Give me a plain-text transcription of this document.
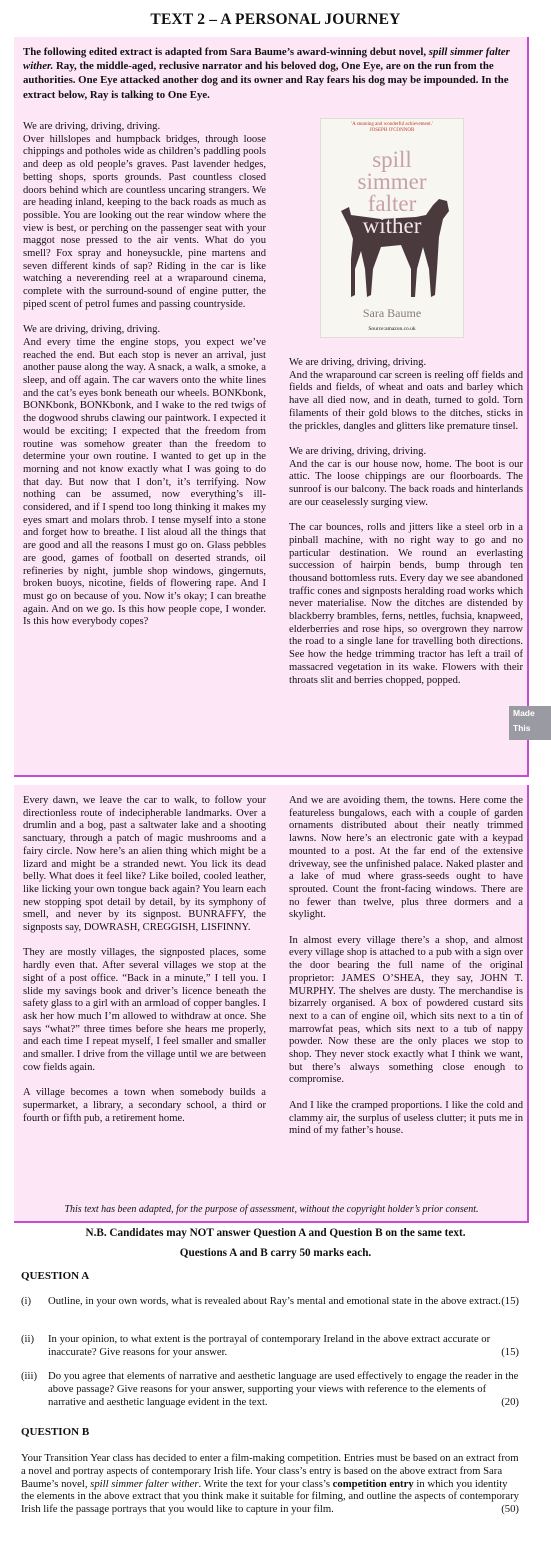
TEXT 2 – A PERSONAL JOURNEY

The following edited extract is adapted from Sara Baume’s award-winning debut novel, spill simmer falter wither. Ray, the middle-aged, reclusive narrator and his beloved dog, One Eye, are on the run from the authorities. One Eye attacked another dog and its owner and Ray fears his dog may be impounded. In the extract below, Ray is talking to One Eye.

We are driving, driving, driving.
Over hillslopes and humpback bridges, through loose chippings and potholes wide as children’s paddling pools and deep as old people’s graves. Past lavender hedges, betting shops, sports grounds. Past countless closed doors behind which are countless uncaring strangers. We are heading inland, keeping to the back roads as much as possible. You are looking out the rear window where the view is best, or perching on the passenger seat with your maggot nose pressed to the air vents. What do you smell? Fox spray and honeysuckle, pine martens and seven different kinds of sap? Riding in the car is like watching a neverending reel at a wraparound cinema, complete with the surround-sound of engine putter, the piped scent of petrol fumes and passing countryside.

We are driving, driving, driving.
And every time the engine stops, you expect we’ve reached the end. But each stop is never an arrival, just another pause along the way. A snack, a walk, a smoke, a sleep, and off again. The car wavers onto the white lines and the cat’s eyes bonk beneath our wheels. BONKbonk, BONKbonk, BONKbonk, and I wake to the red twigs of the dogwood shrubs clawing our paintwork. I expected it would be exciting; I expected that the freedom from routine was somehow greater than the freedom to determine your own routine. I wanted to get up in the morning and not know exactly what I was going to do that day. But now that I don’t, it’s terrifying. Now nothing can be assumed, now everything’s ill-considered, and if I spend too long thinking it makes my eyes smart and molars throb. I tense myself into a stone and forget how to breathe. I list aloud all the things that are good and all the reasons I must go on. Glass pebbles are good, games of football on deserted strands, oil refineries by night, jumble shop windows, gingernuts, broken buoys, nicotine, fields of flowering rape. And I must go on because of you. Now it’s okay; I can breathe again. And on we go. Is this how people cope, I wonder. Is this how everybody copes?

'A stunning and wonderful achievement.'
JOSEPH O'CONNOR
spill
simmer
falter
wither
Sara Baume
Source:amazon.co.uk

We are driving, driving, driving.
And the wraparound car screen is reeling off fields and fields and fields, of wheat and oats and barley which have all died now, and in death, turned to gold. Torn filaments of their gold blows to the ditches, sticks in the prickles, dangles and glitters like premature tinsel.

We are driving, driving, driving.
And the car is our house now, home. The boot is our attic. The loose chippings are our floorboards. The sunroof is our balcony. The back roads and hinterlands are our ceaselessly surging view.

The car bounces, rolls and jitters like a steel orb in a pinball machine, with no right way to go and no particular destination. We round an everlasting succession of hairpin bends, bump through ten thousand bottomless ruts. Every day we see abandoned traffic cones and signposts heralding road works which never materialise. Now the ditches are distended by blackberry brambles, ferns, nettles, fuchsia, knapweed, elderberries and rose hips, so overgrown they narrow the road to a single lane for travelling both directions. See how the hedge trimming tractor has left a trail of massacred vegetation in its wake. Flowers with their throats slit and berries chopped, popped.

Made
This

Every dawn, we leave the car to walk, to follow your directionless route of indecipherable landmarks. Over a drumlin and a bog, past a saltwater lake and a shooting sanctuary, through a patch of magic mushrooms and a fairy circle. Now here’s an alien thing which might be a lizard and might be a stranded newt. You lick its dead belly. What does it feel like? Like boiled, cooled leather, like licking your own tongue back again? You learn each new stopping spot detail by detail, by its symphony of smell, and never by its signpost. BUNRAFFY, the signposts say, DOWRASH, CREGGISH, LISFINNY.

They are mostly villages, the signposted places, some hardly even that. After several villages we stop at the sight of a post office. “Back in a minute,” I tell you. I slide my savings book and driver’s licence beneath the safety glass to a girl with an armload of copper bangles. I ask her how much I’m allowed to withdraw at once. She says “what?” three times before she hears me properly, and each time I repeat myself, I feel smaller and smaller and smaller. I drive from the village until we are between cow fields again.

A village becomes a town when somebody builds a supermarket, a library, a secondary school, a third or fourth or fifth pub, a retirement home.

And we are avoiding them, the towns. Here come the featureless bungalows, each with a couple of garden ornaments distributed about their neatly trimmed lawns. Now here’s an electronic gate with a keypad mounted to a post. At the far end of the extensive driveway, see the unfinished palace. Naked plaster and a lake of mud where grass-seeds ought to have sprouted. Count the front-facing windows. There are no fewer than twelve, plus three dormers and a skylight.

In almost every village there’s a shop, and almost every village shop is attached to a pub with a sign over the door bearing the full name of the original proprietor: JAMES O’SHEA, they say, JOHN T. MURPHY. The shelves are dusty. The merchandise is bizarrely organised. A box of powdered custard sits next to a can of engine oil, which sits next to a tin of marrowfat peas, which sits next to a tub of nappy powder. Now these are the only places we stop to shop. They never stock exactly what I think we want, but there’s always something close enough to compromise.

And I like the cramped proportions. I like the cold and clammy air, the surplus of useless clutter; it puts me in mind of my father’s house.

This text has been adapted, for the purpose of assessment, without the copyright holder’s prior consent.
N.B. Candidates may NOT answer Question A and Question B on the same text.
Questions A and B carry 50 marks each.
QUESTION A
(i) Outline, in your own words, what is revealed about Ray’s mental and emotional state in the above extract. (15)
(ii) In your opinion, to what extent is the portrayal of contemporary Ireland in the above extract accurate or inaccurate? Give reasons for your answer.	(15)
(iii) Do you agree that elements of narrative and aesthetic language are used effectively to engage the reader in the above passage? Give reasons for your answer, supporting your views with reference to the elements of narrative and aesthetic language evident in the text.	(20)
QUESTION B
Your Transition Year class has decided to enter a film-making competition. Entries must be based on an extract from a novel and portray aspects of contemporary Irish life. Your class’s entry is based on the above extract from Sara Baume’s novel, spill simmer falter wither. Write the text for your class’s competition entry in which you identity the elements in the above extract that you think make it suitable for filming, and outline the aspects of contemporary Irish life the passage portrays that you would like to capture in your film.	(50)
